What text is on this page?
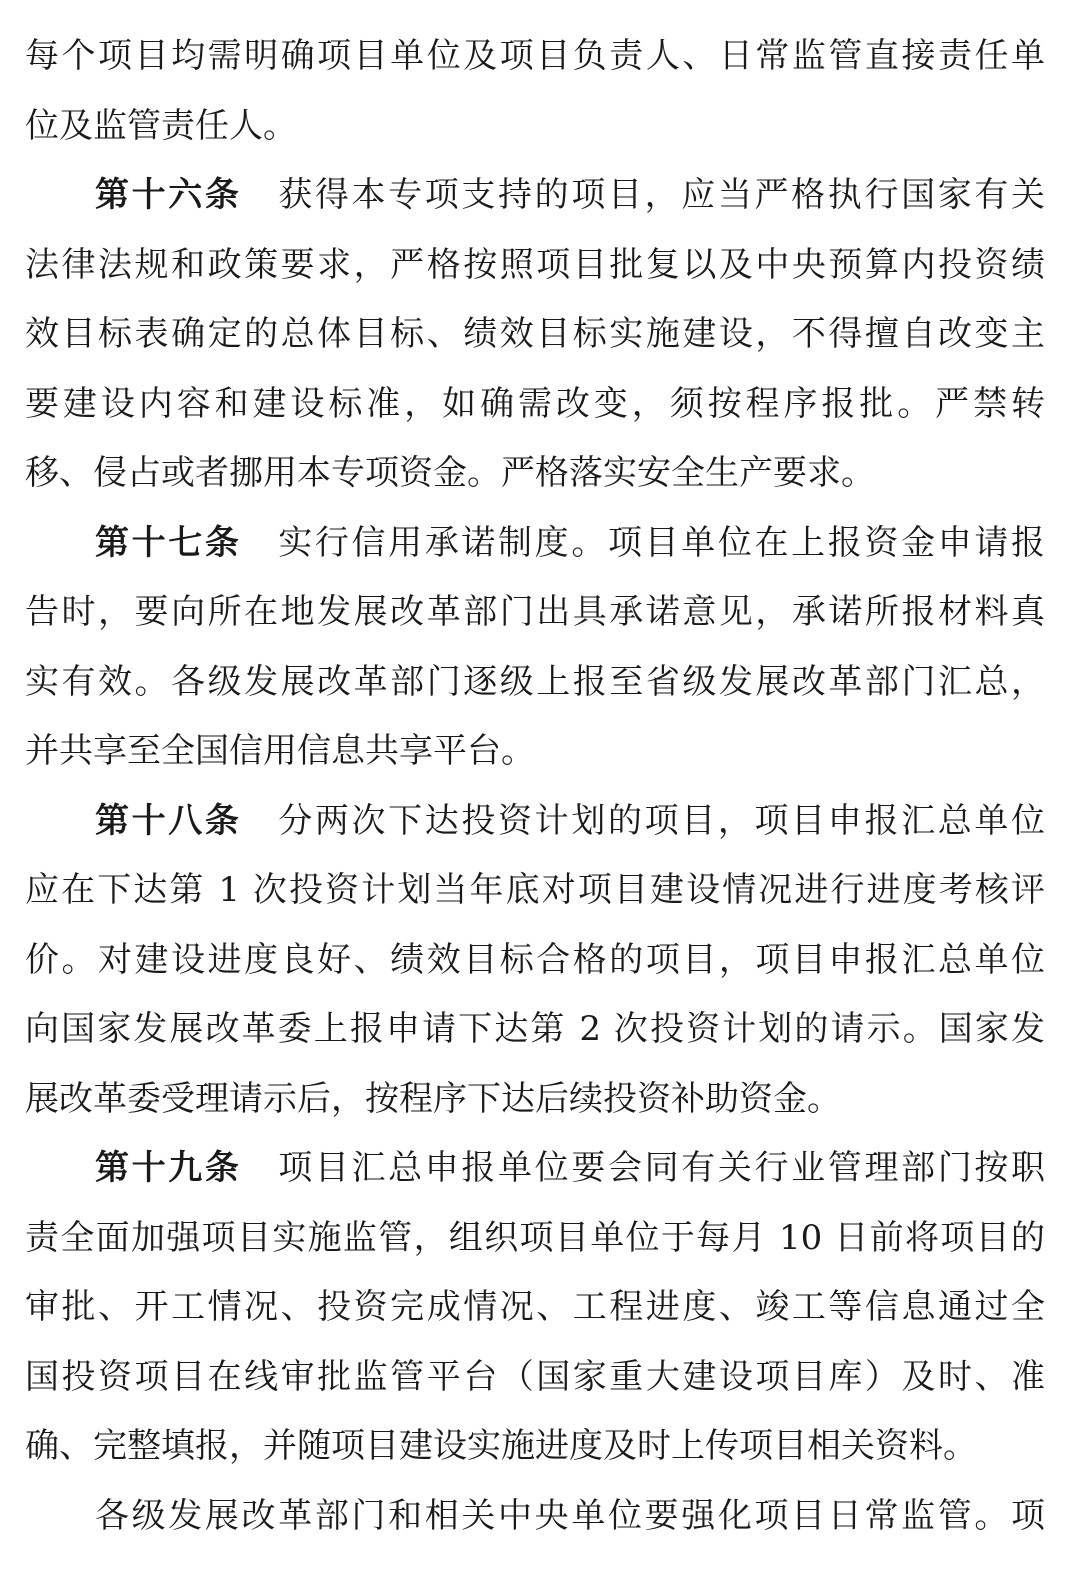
每个项目均需明确项目单位及项目负责人、日常监管直接责任单
位及监管责任人。
第十六条　 获得本专项支持的项目，应当严格执行国家有关
法律法规和政策要求，严格按照项目批复以及中央预算内投资绩
效目标表确定的总体目标、绩效目标实施建设，不得擅自改变主
要建设内容和建设标准，如确需改变，须按程序报批。严禁转
移、侵占或者挪用本专项资金。严格落实安全生产要求。
第十七条　 实行信用承诺制度。项目单位在上报资金申请报
告时，要向所在地发展改革部门出具承诺意见，承诺所报材料真
实有效。各级发展改革部门逐级上报至省级发展改革部门汇总，
并共享至全国信用信息共享平台。
第十八条　 分两次下达投资计划的项目，项目申报汇总单位
应在下达第 1 次投资计划当年底对项目建设情况进行进度考核评
价。对建设进度良好、绩效目标合格的项目，项目申报汇总单位
向国家发展改革委上报申请下达第 2 次投资计划的请示。国家发
展改革委受理请示后，按程序下达后续投资补助资金。
第十九条　 项目汇总申报单位要会同有关行业管理部门按职
责全面加强项目实施监管，组织项目单位于每月 10 日前将项目的
审批、开工情况、投资完成情况、工程进度、竣工等信息通过全
国投资项目在线审批监管平台（国家重大建设项目库）及时、准
确、完整填报，并随项目建设实施进度及时上传项目相关资料。
各级发展改革部门和相关中央单位要强化项目日常监管。项
